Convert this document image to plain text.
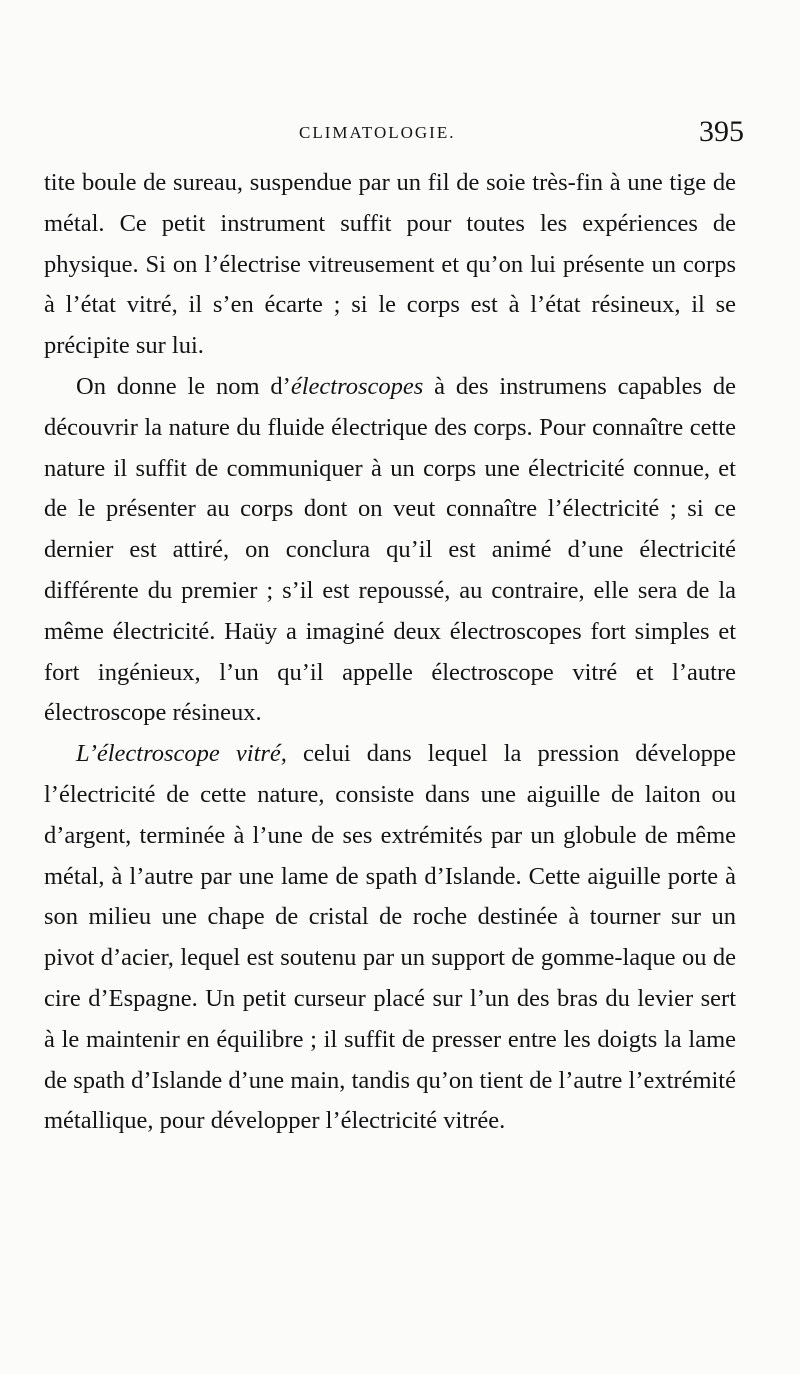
CLIMATOLOGIE.	395

tite boule de sureau, suspendue par un fil de soie très-fin à une tige de métal. Ce petit instrument suffit pour toutes les expériences de physique. Si on l’électrise vitreusement et qu’on lui présente un corps à l’état vitré, il s’en écarte ; si le corps est à l’état résineux, il se précipite sur lui.

On donne le nom d’électroscopes à des instrumens capables de découvrir la nature du fluide électrique des corps. Pour connaître cette nature il suffit de communiquer à un corps une électricité connue, et de le présenter au corps dont on veut connaître l’électricité ; si ce dernier est attiré, on conclura qu’il est animé d’une électricité différente du premier ; s’il est repoussé, au contraire, elle sera de la même électricité. Haüy a imaginé deux électroscopes fort simples et fort ingénieux, l’un qu’il appelle électroscope vitré et l’autre électroscope résineux.

L’électroscope vitré, celui dans lequel la pression développe l’électricité de cette nature, consiste dans une aiguille de laiton ou d’argent, terminée à l’une de ses extrémités par un globule de même métal, à l’autre par une lame de spath d’Islande. Cette aiguille porte à son milieu une chape de cristal de roche destinée à tourner sur un pivot d’acier, lequel est soutenu par un support de gomme-laque ou de cire d’Espagne. Un petit curseur placé sur l’un des bras du levier sert à le maintenir en équilibre ; il suffit de presser entre les doigts la lame de spath d’Islande d’une main, tandis qu’on tient de l’autre l’extrémité métallique, pour développer l’électricité vitrée.
